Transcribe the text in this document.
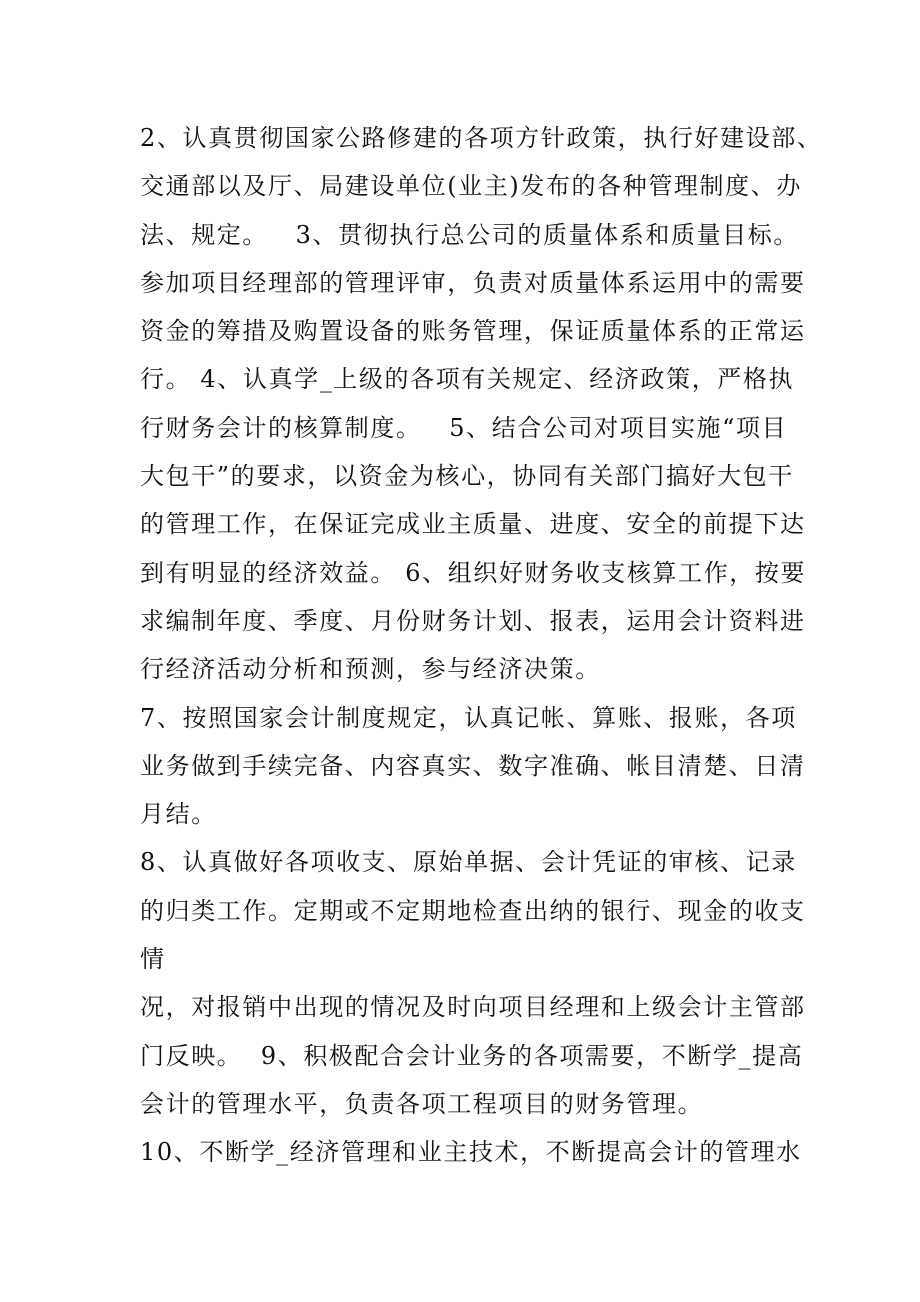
2、认真贯彻国家公路修建的各项方针政策，执行好建设部、
交通部以及厅、局建设单位(业主)发布的各种管理制度、办
法、规定。   3、贯彻执行总公司的质量体系和质量目标。
参加项目经理部的管理评审，负责对质量体系运用中的需要
资金的筹措及购置设备的账务管理，保证质量体系的正常运
行。 4、认真学_上级的各项有关规定、经济政策，严格执
行财务会计的核算制度。   5、结合公司对项目实施“项目
大包干”的要求，以资金为核心，协同有关部门搞好大包干
的管理工作，在保证完成业主质量、进度、安全的前提下达
到有明显的经济效益。 6、组织好财务收支核算工作，按要
求编制年度、季度、月份财务计划、报表，运用会计资料进
行经济活动分析和预测，参与经济决策。
7、按照国家会计制度规定，认真记帐、算账、报账，各项
业务做到手续完备、内容真实、数字准确、帐目清楚、日清
月结。
8、认真做好各项收支、原始单据、会计凭证的审核、记录
的归类工作。定期或不定期地检查出纳的银行、现金的收支
情
况，对报销中出现的情况及时向项目经理和上级会计主管部
门反映。  9、积极配合会计业务的各项需要，不断学_提高
会计的管理水平，负责各项工程项目的财务管理。
10、不断学_经济管理和业主技术，不断提高会计的管理水
